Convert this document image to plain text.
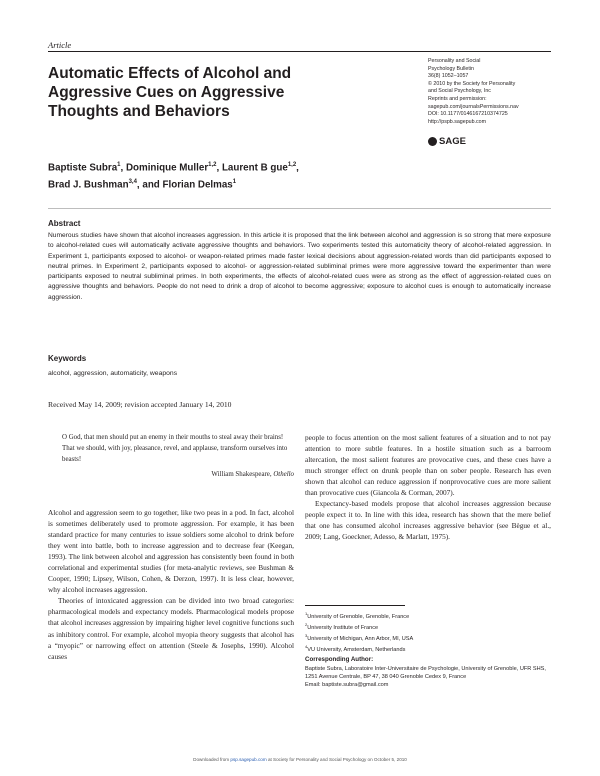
Article
Automatic Effects of Alcohol and Aggressive Cues on Aggressive Thoughts and Behaviors
Personality and Social
Psychology Bulletin
36(8) 1052–1057
© 2010 by the Society for Personality
and Social Psychology, Inc
Reprints and permission:
sagepub.com/journalsPermissions.nav
DOI: 10.1177/0146167210374725
http://pspb.sagepub.com
SAGE
Baptiste Subra$^1$, Dominique Muller$^{1,2}$, Laurent B gue$^{1,2}$,
Brad J. Bushman$^{3,4}$, and Florian Delmas$^1$
Abstract
Numerous studies have shown that alcohol increases aggression. In this article it is proposed that the link between alcohol and aggression is so strong that mere exposure to alcohol-related cues will automatically activate aggressive thoughts and behaviors. Two experiments tested this automaticity theory of alcohol-related aggression. In Experiment 1, participants exposed to alcohol- or weapon-related primes made faster lexical decisions about aggression-related words than did participants exposed to neutral primes. In Experiment 2, participants exposed to alcohol- or aggression-related subliminal primes were more aggressive toward the experimenter than were participants exposed to neutral subliminal primes. In both experiments, the effects of alcohol-related cues were as strong as the effect of aggression-related cues on aggressive thoughts and behaviors. People do not need to drink a drop of alcohol to become aggressive; exposure to alcohol cues is enough to automatically increase aggression.
Keywords
alcohol, aggression, automaticity, weapons
Received May 14, 2009; revision accepted January 14, 2010
O God, that men should put an enemy in their mouths to steal away their brains! That we should, with joy, pleasance, revel, and applause, transform ourselves into beasts!
William Shakespeare, Othello

Alcohol and aggression seem to go together, like two peas in a pod. In fact, alcohol is sometimes deliberately used to promote aggression. For example, it has been standard practice for many centuries to issue soldiers some alcohol to drink before they went into battle, both to increase aggression and to decrease fear (Keegan, 1993). The link between alcohol and aggression has consistently been found in both correlational and experimental studies (for meta-analytic reviews, see Bushman & Cooper, 1990; Lipsey, Wilson, Cohen, & Derzon, 1997). It is less clear, however, why alcohol increases aggression.

Theories of intoxicated aggression can be divided into two broad categories: pharmacological models and expectancy models. Pharmacological models propose that alcohol increases aggression by impairing higher level cognitive functions such as inhibitory control. For example, alcohol myopia theory suggests that alcohol has a “myopic” or narrowing effect on attention (Steele & Josephs, 1990). Alcohol causes

people to focus attention on the most salient features of a situation and to not pay attention to more subtle features. In a hostile situation such as a barroom altercation, the most salient features are provocative cues, and these cues have a much stronger effect on drunk people than on sober people. Research has even shown that alcohol can reduce aggression if nonprovocative cues are more salient than provocative cues (Giancola & Corman, 2007).

Expectancy-based models propose that alcohol increases aggression because people expect it to. In line with this idea, research has shown that the mere belief that one has consumed alcohol increases aggressive behavior (see Bègue et al., 2009; Lang, Goeckner, Adesso, & Marlatt, 1975).

$^1$University of Grenoble, Grenoble, France
$^2$University Institute of France
$^3$University of Michigan, Ann Arbor, MI, USA
$^4$VU University, Amsterdam, Netherlands
Corresponding Author:
Baptiste Subra, Laboratoire Inter-Universitaire de Psychologie, University of Grenoble, UFR SHS, 1251 Avenue Centrale, BP 47, 38 040 Grenoble Cedex 9, France
Email: baptiste.subra@gmail.com
Downloaded from psp.sagepub.com at Society for Personality and Social Psychology on October 5, 2010
